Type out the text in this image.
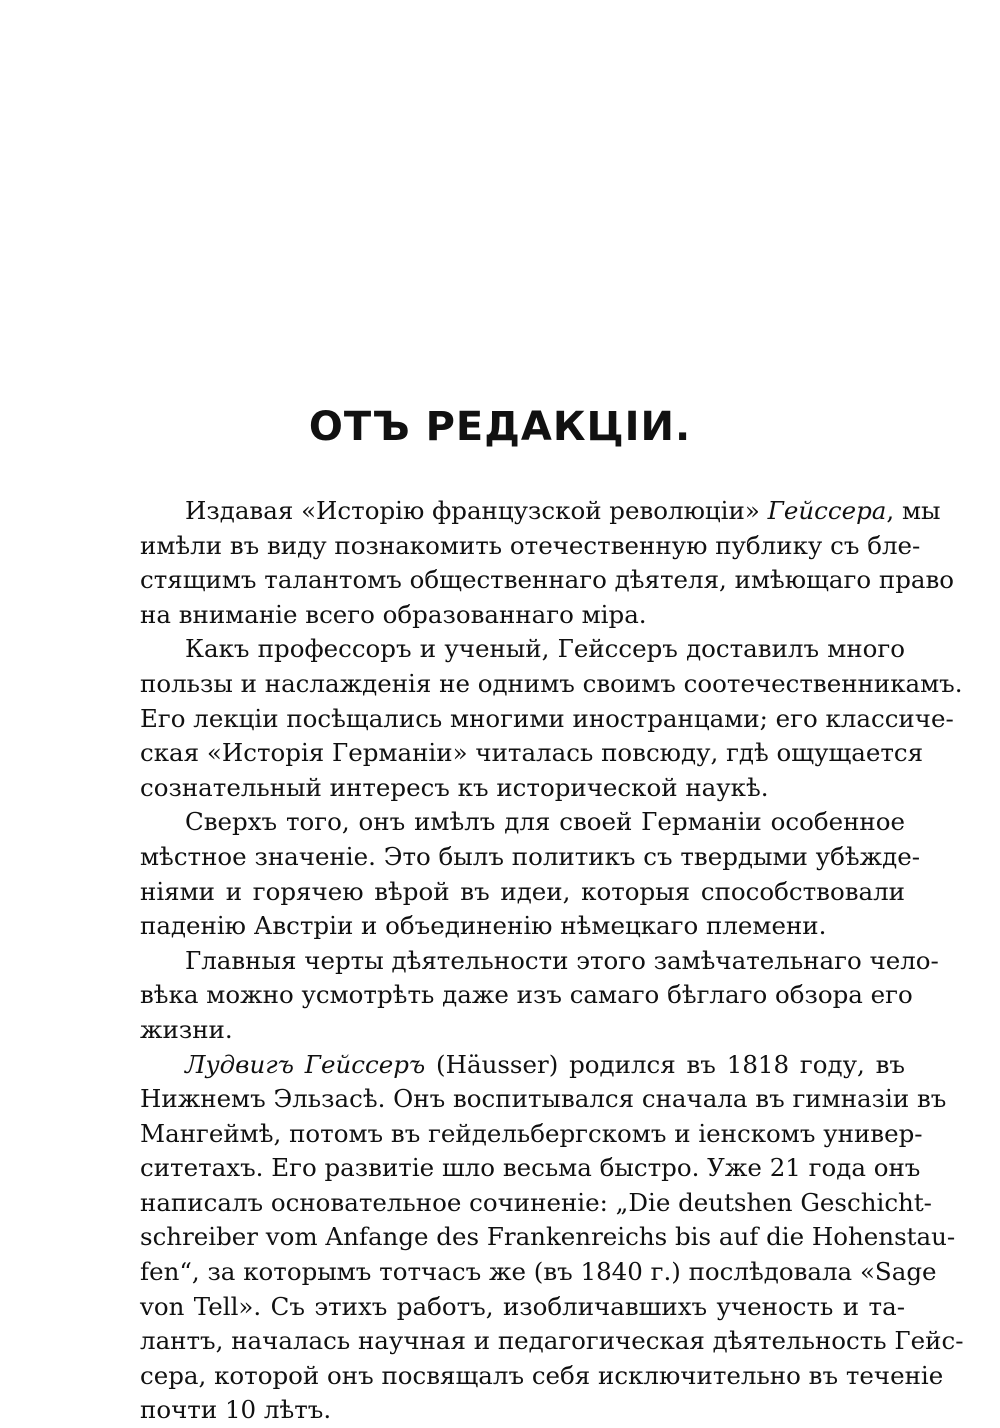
ОТЪ РЕДАКЦІИ.
Издавая «Исторію французской революціи» Гейссера, мы
имѣли въ виду познакомить отечественную публику съ бле-
стящимъ талантомъ общественнаго дѣятеля, имѣющаго право
на вниманіе всего образованнаго міра.
Какъ профессоръ и ученый, Гейссеръ доставилъ много
пользы и наслажденія не однимъ своимъ соотечественникамъ.
Его лекціи посѣщались многими иностранцами; его классиче-
ская «Исторія Германіи» читалась повсюду, гдѣ ощущается
сознательный интересъ къ исторической наукѣ.
Сверхъ того, онъ имѣлъ для своей Германіи особенное
мѣстное значеніе. Это былъ политикъ съ твердыми убѣжде-
ніями и горячею вѣрой въ идеи, которыя способствовали
паденію Австріи и объединенію нѣмецкаго племени.
Главныя черты дѣятельности этого замѣчательнаго чело-
вѣка можно усмотрѣть даже изъ самаго бѣглаго обзора его
жизни.
Лудвигъ Гейссеръ (Häusser) родился въ 1818 году, въ
Нижнемъ Эльзасѣ. Онъ воспитывался сначала въ гимназіи въ
Мангеймѣ, потомъ въ гейдельбергскомъ и іенскомъ универ-
ситетахъ. Его развитіе шло весьма быстро. Уже 21 года онъ
написалъ основательное сочиненіе: „Die deutshen Geschicht-
schreiber vom Anfange des Frankenreichs bis auf die Hohenstau-
fen“, за которымъ тотчасъ же (въ 1840 г.) послѣдовала «Sage
von Tell». Съ этихъ работъ, изобличавшихъ ученость и та-
лантъ, началась научная и педагогическая дѣятельность Гейс-
сера, которой онъ посвящалъ себя исключительно въ теченіе
почти 10 лѣтъ.
